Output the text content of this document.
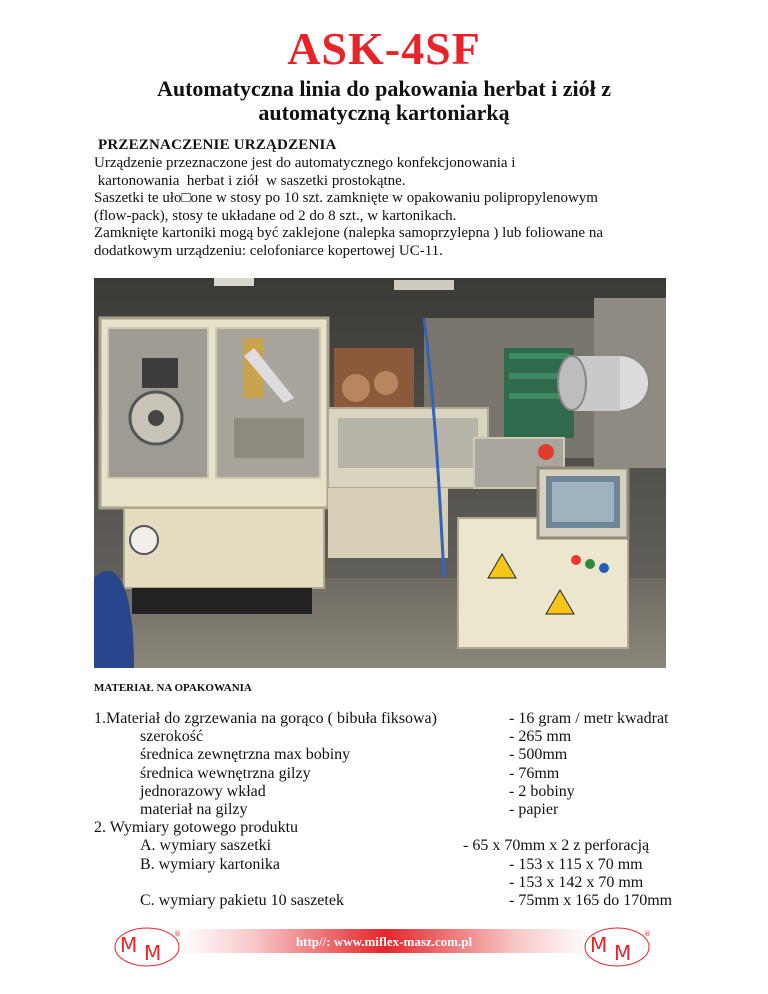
ASK-4SF
Automatyczna linia do pakowania herbat i ziół z
automatyczną kartoniarką
PRZEZNACZENIE URZĄDZENIA
Urządzenie przeznaczone jest do automatycznego konfekcjonowania i
kartonowania  herbat i ziół  w saszetki prostokątne.
Saszetki te uło□one w stosy po 10 szt. zamknięte w opakowaniu polipropylenowym
(flow-pack), stosy te układane od 2 do 8 szt., w kartonikach.
Zamknięte kartoniki mogą być zaklejone (nalepka samoprzylepna ) lub foliowane na
dodatkowym urządzeniu: celofoniarce kopertowej UC-11.
MATERIAŁ NA OPAKOWANIA
1.Materiał do zgrzewania na gorąco ( bibuła fiksowa)	- 16 gram / metr kwadrat
szerokość	- 265 mm
średnica zewnętrzna max bobiny	- 500mm
średnica wewnętrzna gilzy	- 76mm
jednorazowy wkład	- 2 bobiny
materiał na gilzy	- papier
2. Wymiary gotowego produktu
A. wymiary saszetki	- 65 x 70mm x 2 z perforacją
B. wymiary kartonika	- 153 x 115 x 70 mm
- 153 x 142 x 70 mm
C. wymiary pakietu 10 saszetek	- 75mm x 165 do 170mm
http//: www.miflex-masz.com.pl
M M
®	M M
®
